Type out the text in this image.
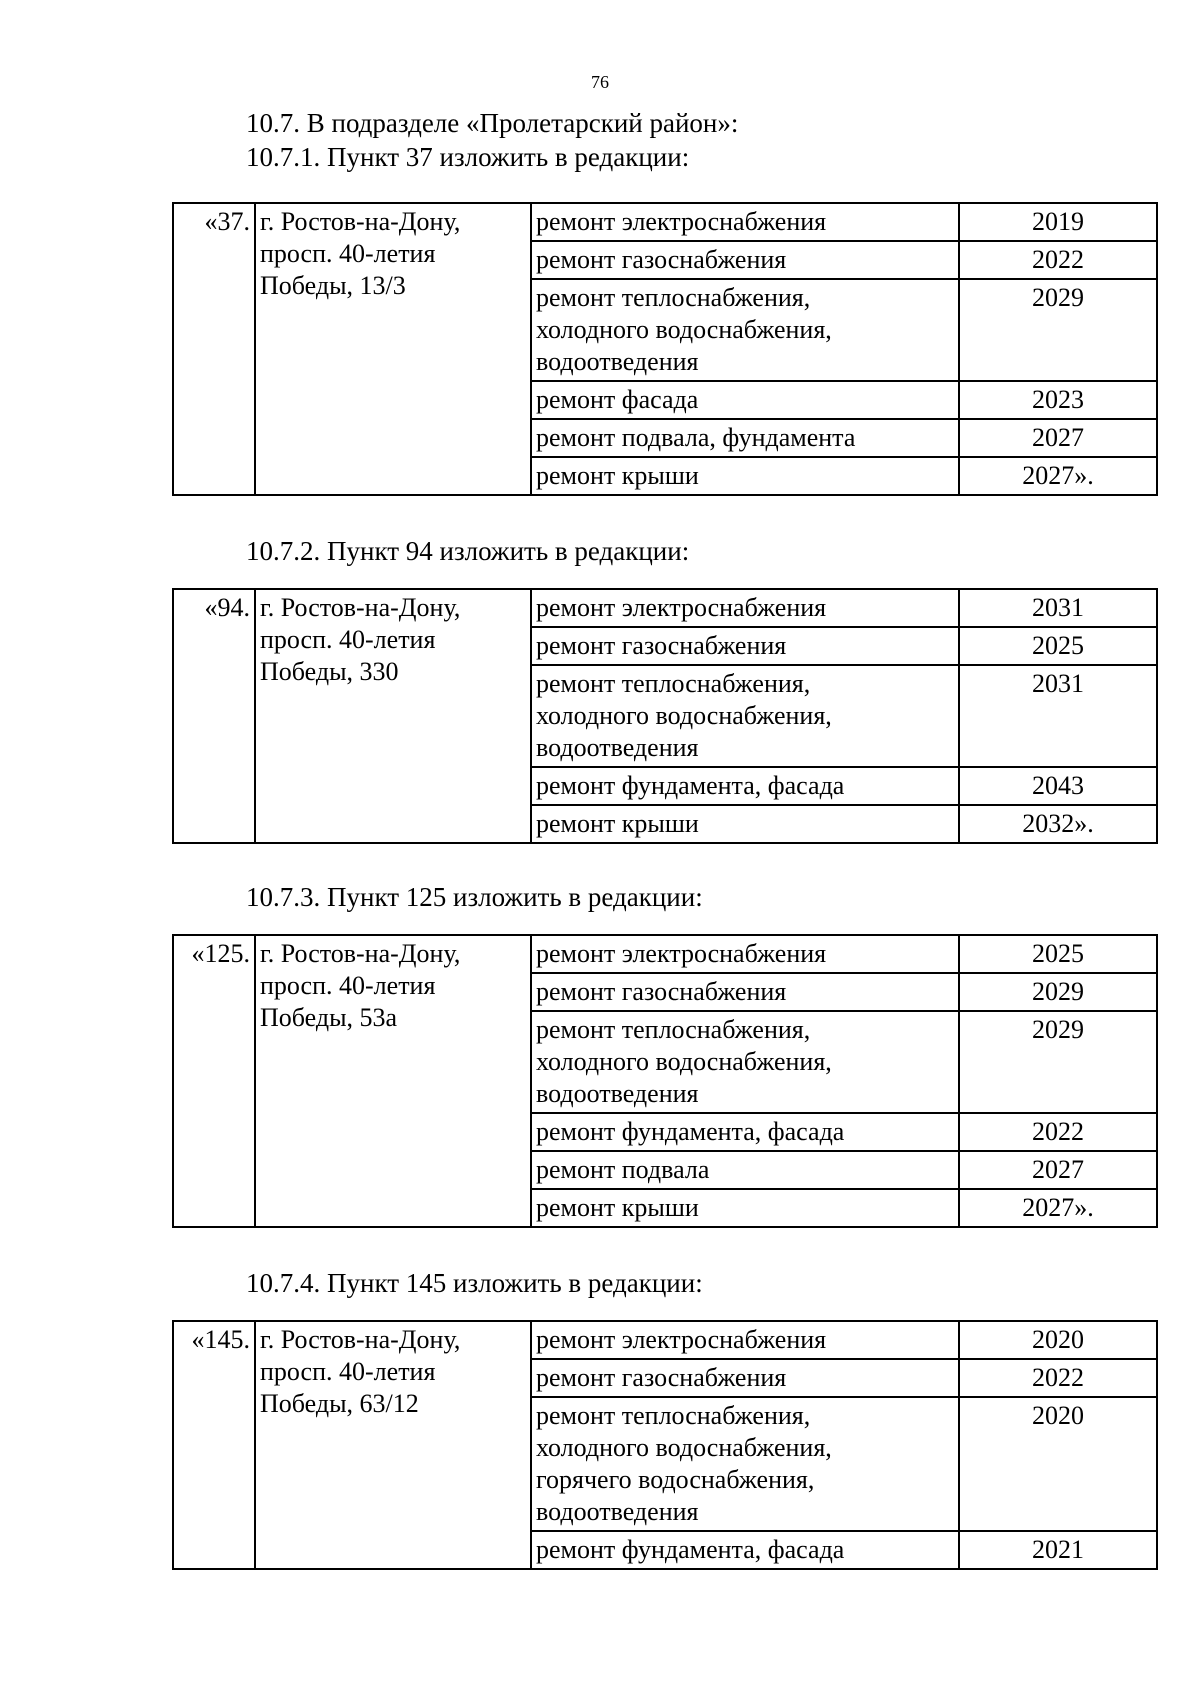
76
10.7. В подразделе «Пролетарский район»:
10.7.1. Пункт 37 изложить в редакции:
«37.	г. Ростов-на-Дону,
просп. 40-летия
Победы, 13/3	ремонт электроснабжения	2019

		ремонт газоснабжения	2022

		ремонт теплоснабжения,
холодного водоснабжения,
водоотведения	2029

		ремонт фасада	2023

		ремонт подвала, фундамента	2027

		ремонт крыши	2027».
10.7.2. Пункт 94 изложить в редакции:
«94.	г. Ростов-на-Дону,
просп. 40-летия
Победы, 330	ремонт электроснабжения	2031

		ремонт газоснабжения	2025

		ремонт теплоснабжения,
холодного водоснабжения,
водоотведения	2031

		ремонт фундамента, фасада	2043

		ремонт крыши	2032».
10.7.3. Пункт 125 изложить в редакции:
«125.	г. Ростов-на-Дону,
просп. 40-летия
Победы, 53а	ремонт электроснабжения	2025

		ремонт газоснабжения	2029

		ремонт теплоснабжения,
холодного водоснабжения,
водоотведения	2029

		ремонт фундамента, фасада	2022

		ремонт подвала	2027

		ремонт крыши	2027».
10.7.4. Пункт 145 изложить в редакции:
«145.	г. Ростов-на-Дону,
просп. 40-летия
Победы, 63/12	ремонт электроснабжения	2020

		ремонт газоснабжения	2022

		ремонт теплоснабжения,
холодного водоснабжения,
горячего водоснабжения,
водоотведения	2020

		ремонт фундамента, фасада	2021
